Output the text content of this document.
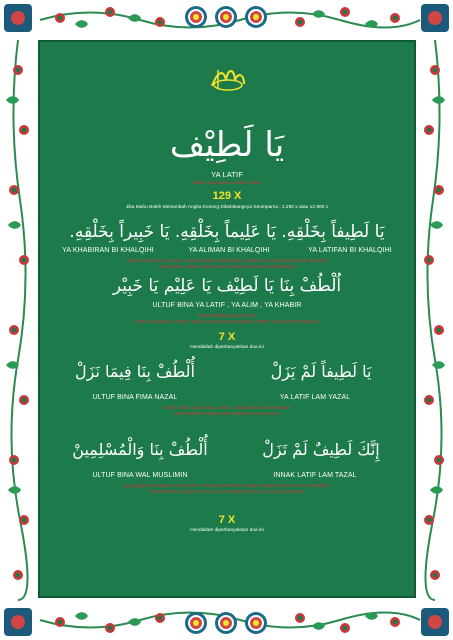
يَا لَطِيْف

YA LATIF

Wahai Yang Maha Lemah Lembut

129 X

Jika Mahu Boleh Menambah Angka Kosong Dibelakangnya Seumpama : 1,290 x atau 12,900 x

يَا لَطِيفاً بِخَلْقِهِ. يَا عَلِيماً بِخَلْقِهِ. يَا خَبِيراً بِخَلْقِهِ.

YA KHABIRAN BI KHALQIHI	YA ALIMAN BI KHALQIHI	YA LATIFAN BI KHALQIHI

Wahai Yang Maha Lemah Lembut terhadap makhlukNya, Wahai Yang Maha Mengetahui terhadap

makhlukNya, Wahai Yang Maha Mengetahui terhadap makhlukNya

اُلْطُفْ بِنَا يَا لَطِيْف يَا عَلِيْم يَا خَبِيْر

ULTUF BINA YA LATIF , YA ALIM , YA KHABIR

Berlembutlah Kepada Kami

Wahai Yang Maha Lembut, Wahai Yang Maha Mengetahui, Wahai Yang Maha Mengetahui

7 X

Hendaklah diperbanyakkan doa ini

أُلْطُفْ بِنَا فِيمَا نَزَلْ	يَا لَطِيفاً لَمْ يَزَلْ
ULTUF BINA FIMA NAZAL	YA LATIF LAM YAZAL

Wahai Tuhan Yang Maha Lembut , Tetaplah Kami Berlembutan

Berlembutlah Kepada Kami Dalam Apa Yang Turun

أُلْطُفْ بِنَا وَالْمُسْلِمِينْ	إِنَّكَ لَطِيفٌ لَمْ تَزَلْ
ULTUF BINA WAL MUSLIMIN	INNAK LATIF LAM TAZAL

Sesungguhnya Engkau Maha Lembut, Tetaplah Berlembut Engkau Kepada Kami Dan Kaum Muslimin.

Berlembutlah Kepada Kami Dan Kaum Muslimin Pada Apa Yang Diturunkan

7 X

Hendaklah diperbanyakkan doa ini
